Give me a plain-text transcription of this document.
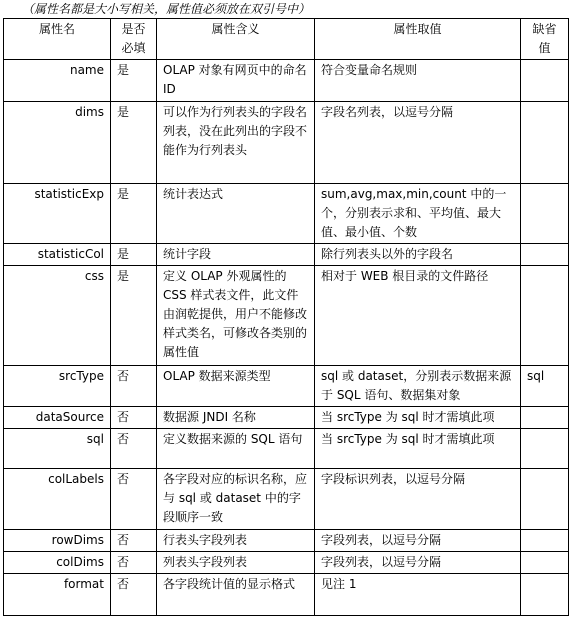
（属性名都是大小写相关，属性值必须放在双引号中）
属性名	是否必填	属性含义	属性取值	缺省值
name	是	OLAP 对象有网页中的命名 ID	符合变量命名规则	
dims	是	可以作为行列表头的字段名列表，没在此列出的字段不能作为行列表头	字段名列表，以逗号分隔	
statisticExp	是	统计表达式	sum,avg,max,min,count 中的一个，分别表示求和、平均值、最大值、最小值、个数	
statisticCol	是	统计字段	除行列表头以外的字段名	
css	是	定义 OLAP 外观属性的 CSS 样式表文件，此文件由润乾提供，用户不能修改样式类名，可修改各类别的属性值	相对于 WEB 根目录的文件路径	
srcType	否	OLAP 数据来源类型	sql 或 dataset，分别表示数据来源于 SQL 语句、数据集对象	sql
dataSource	否	数据源 JNDI 名称	当 srcType 为 sql 时才需填此项	
sql	否	定义数据来源的 SQL 语句	当 srcType 为 sql 时才需填此项	
colLabels	否	各字段对应的标识名称，应与 sql 或 dataset 中的字段顺序一致	字段标识列表，以逗号分隔	
rowDims	否	行表头字段列表	字段列表，以逗号分隔	
colDims	否	列表头字段列表	字段列表，以逗号分隔	
format	否	各字段统计值的显示格式	见注 1	
